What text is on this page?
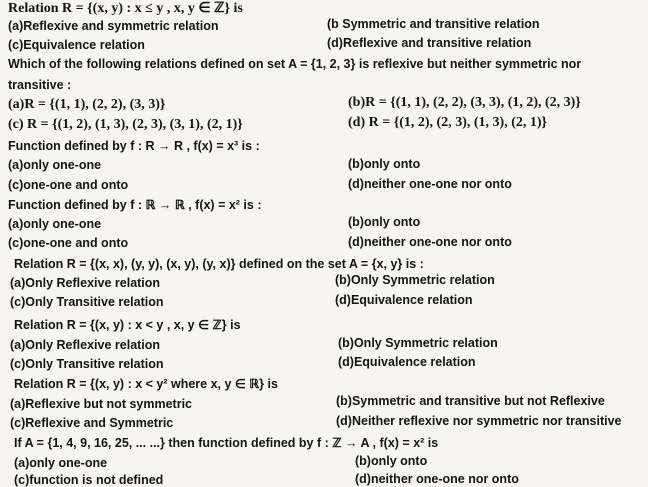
Relation R = {(x, y) : x ≤ y , x, y ∈ ℤ} is
(a)Reflexive and symmetric relation	(b Symmetric and transitive relation
(c)Equivalence relation	(d)Reflexive and transitive relation
Which of the following relations defined on set A = {1, 2, 3} is reflexive but neither symmetric nor
transitive :
(a)R = {(1, 1), (2, 2), (3, 3)}	(b)R = {(1, 1), (2, 2), (3, 3), (1, 2), (2, 3)}
(c) R = {(1, 2), (1, 3), (2, 3), (3, 1), (2, 1)}	(d) R = {(1, 2), (2, 3), (1, 3), (2, 1)}
Function defined by f : R → R , f(x) = x³ is :
(a)only one-one	(b)only onto
(c)one-one and onto	(d)neither one-one nor onto
Function defined by f : ℝ → ℝ , f(x) = x² is :
(a)only one-one	(b)only onto
(c)one-one and onto	(d)neither one-one nor onto
Relation R = {(x, x), (y, y), (x, y), (y, x)} defined on the set A = {x, y} is :
(a)Only Reflexive relation	(b)Only Symmetric relation
(c)Only Transitive relation	(d)Equivalence relation
Relation R = {(x, y) : x < y , x, y ∈ ℤ} is
(a)Only Reflexive relation	(b)Only Symmetric relation
(c)Only Transitive relation	(d)Equivalence relation
Relation R = {(x, y) : x < y² where x, y ∈ ℝ} is
(a)Reflexive but not symmetric	(b)Symmetric and transitive but not Reflexive
(c)Reflexive and Symmetric	(d)Neither reflexive nor symmetric nor transitive
If A = {1, 4, 9, 16, 25, ... ...} then function defined by f : ℤ → A , f(x) = x² is
(a)only one-one	(b)only onto
(c)function is not defined	(d)neither one-one nor onto
